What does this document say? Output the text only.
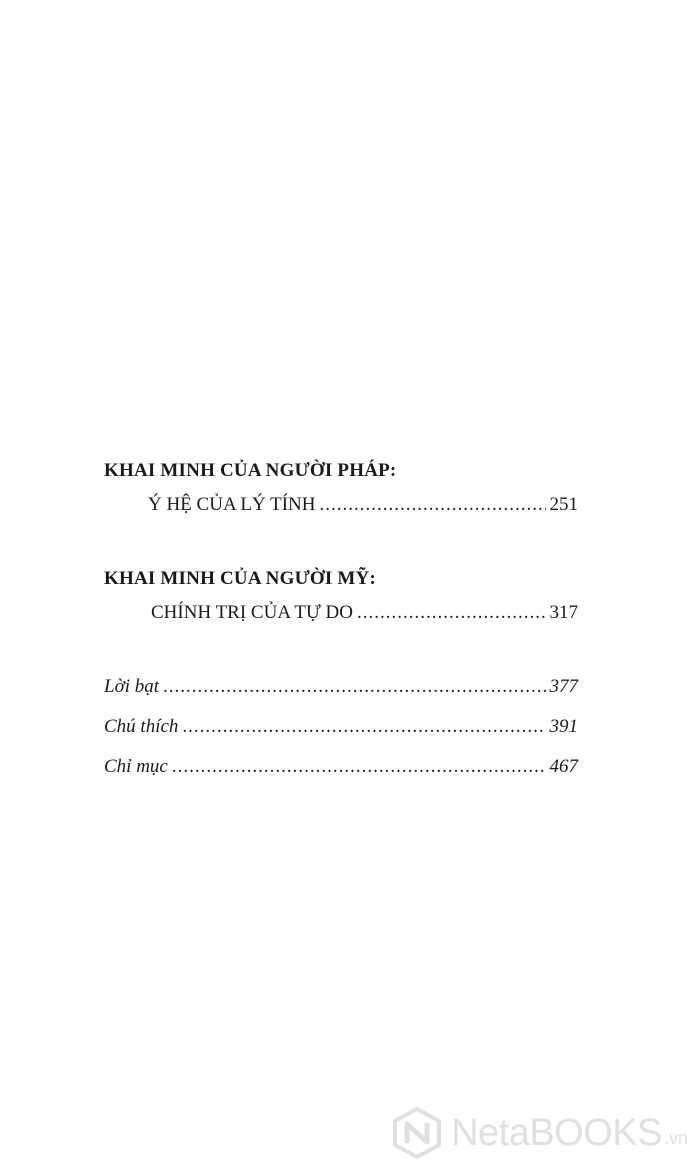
KHAI MINH CỦA NGƯỜI PHÁP:
Ý HỆ CỦA LÝ TÍNH .....	251
KHAI MINH CỦA NGƯỜI MỸ:
CHÍNH TRỊ CỦA TỰ DO .....	317
Lời bạt .....	377
Chú thích .....	391
Chỉ mục .....	467
NetaBOOKS .vn
